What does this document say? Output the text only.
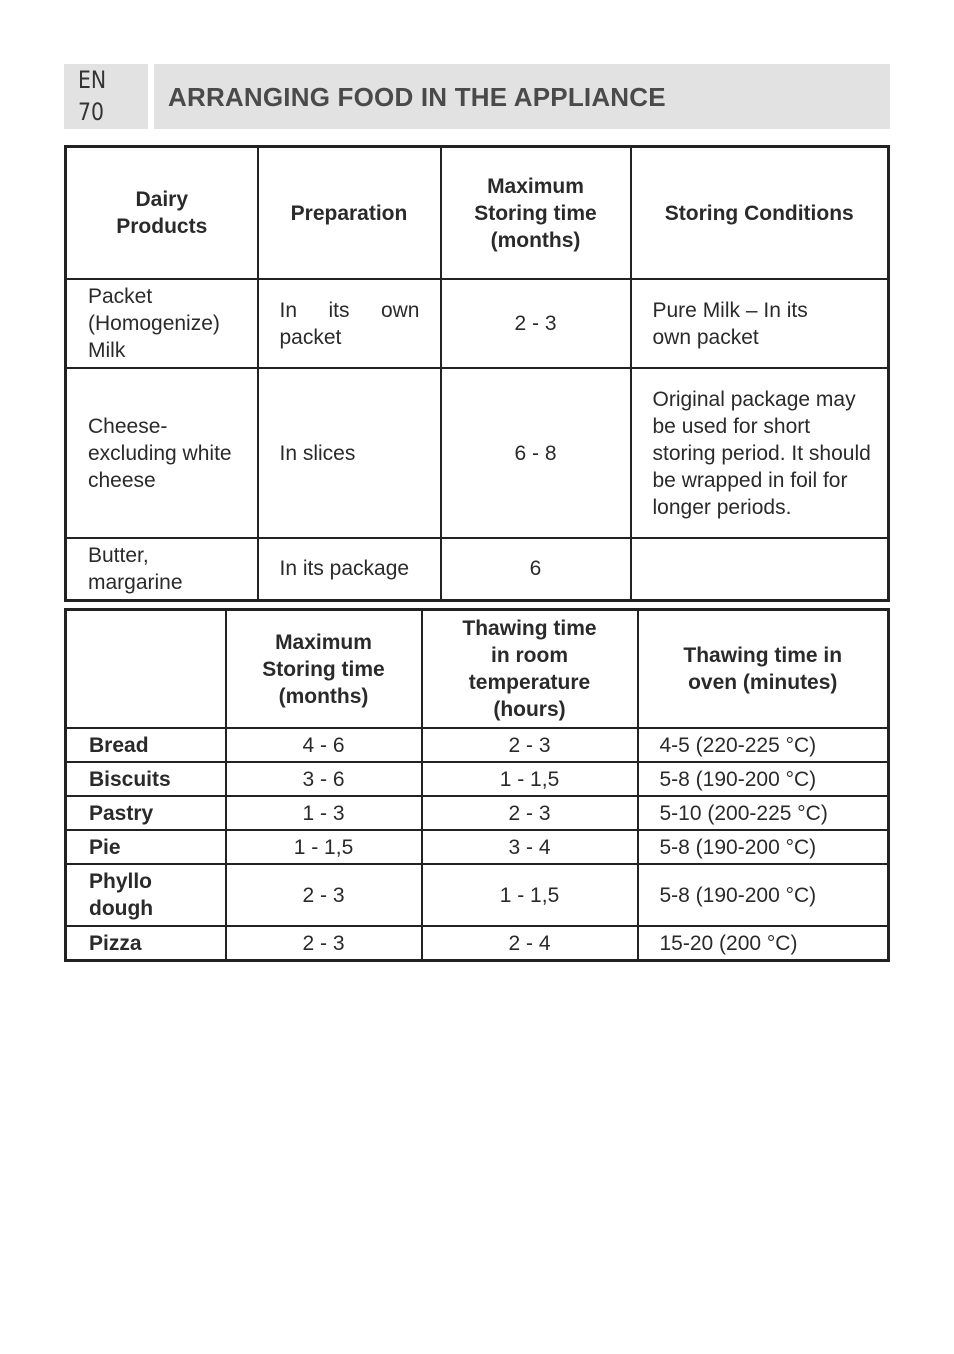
EN
70 ARRANGING FOOD IN THE APPLIANCE
Dairy Products	Preparation	Maximum Storing time (months)	Storing Conditions
Packet (Homogenize) Milk	In its own packet	2 - 3	Pure Milk – In its own packet
Cheese-excluding white cheese	In slices	6 - 8	Original package may be used for short storing period. It should be wrapped in foil for longer periods.
Butter, margarine	In its package	6	
	Maximum Storing time (months)	Thawing time in room temperature (hours)	Thawing time in oven (minutes)
Bread	4 - 6	2 - 3	4-5 (220-225 °C)
Biscuits	3 - 6	1 - 1,5	5-8 (190-200 °C)
Pastry	1 - 3	2 - 3	5-10 (200-225 °C)
Pie	1 - 1,5	3 - 4	5-8 (190-200 °C)
Phyllo dough	2 - 3	1 - 1,5	5-8 (190-200 °C)
Pizza	2 - 3	2 - 4	15-20 (200 °C)
